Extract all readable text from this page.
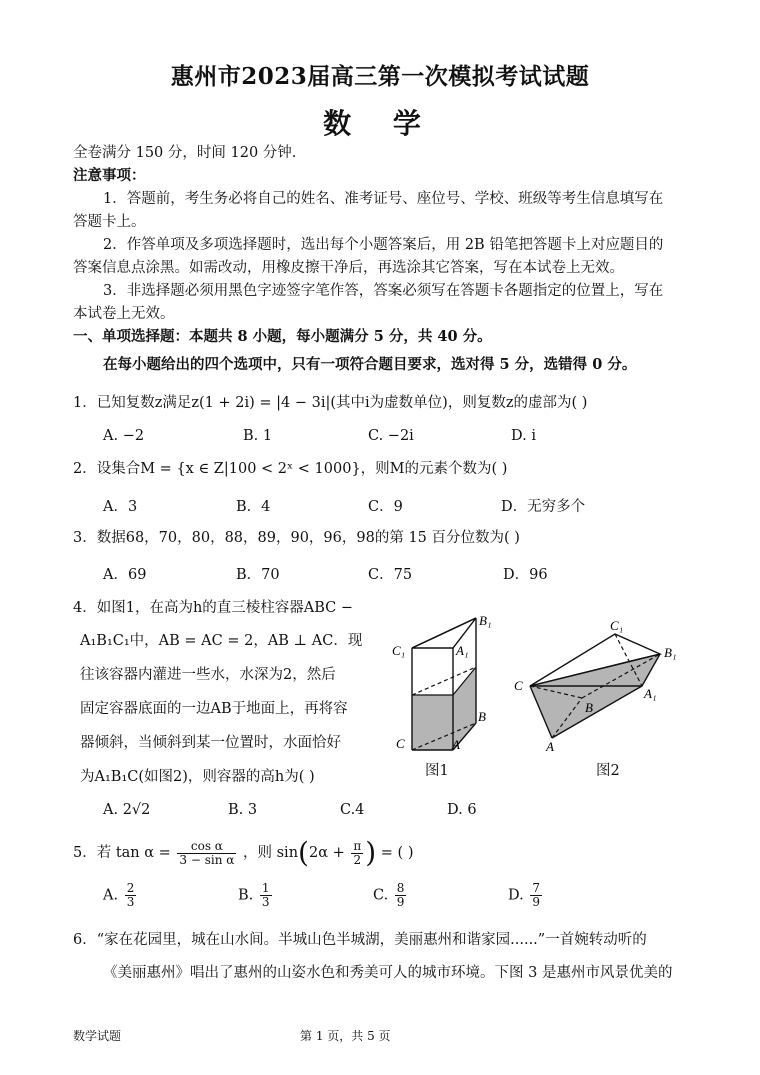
惠州市2023届高三第一次模拟考试试题
数 学
全卷满分 150 分，时间 120 分钟.
注意事项：
1．答题前，考生务必将自己的姓名、准考证号、座位号、学校、班级等考生信息填写在
答题卡上。
2．作答单项及多项选择题时，选出每个小题答案后，用 2B 铅笔把答题卡上对应题目的
答案信息点涂黑。如需改动，用橡皮擦干净后，再选涂其它答案，写在本试卷上无效。
3．非选择题必须用黑色字迹签字笔作答，答案必须写在答题卡各题指定的位置上，写在
本试卷上无效。
一、单项选择题：本题共 8 小题，每小题满分 5 分，共 40 分。
在每小题给出的四个选项中，只有一项符合题目要求，选对得 5 分，选错得 0 分。
1．已知复数z满足z(1 + 2i) = |4 − 3i|(其中i为虚数单位)，则复数z的虚部为( )
A. −2	B. 1	C. −2i	D. i
2．设集合M = {x ∈ Z|100 < 2ˣ < 1000}，则M的元素个数为( )
A．3	B．4	C．9	D．无穷多个
3．数据68，70，80，88，89，90，96，98的第 15 百分位数为( )
A．69	B．70	C．75	D．96
4．如图1，在高为h的直三棱柱容器ABC −
A₁B₁C₁中，AB = AC = 2，AB ⊥ AC．现
往该容器内灌进一些水，水深为2，然后
固定容器底面的一边AB于地面上，再将容
器倾斜，当倾斜到某一位置时，水面恰好
为A₁B₁C(如图2)，则容器的高h为( )
A. 2√2	B. 3	C.4	D. 6
C₁	A₁
B₁
C	A
B
图1
C₁
B₁
C
A₁
B
A
图2
5．若 $\tan \alpha = \frac{\text{cos α}}{\text{3 − sin α}}$ ，则 $\sin(2\alpha + \frac{\pi}{2}$ ) = ( )
A. $\frac{2}{3}$	B. $\frac{1}{3}$	C. $\frac{8}{9}$	D. $\frac{7}{9}$
6．“家在花园里，城在山水间。半城山色半城湖，美丽惠州和谐家园......”一首婉转动听的
《美丽惠州》唱出了惠州的山姿水色和秀美可人的城市环境。下图 3 是惠州市风景优美的
数学试题	第 1 页，共 5 页
